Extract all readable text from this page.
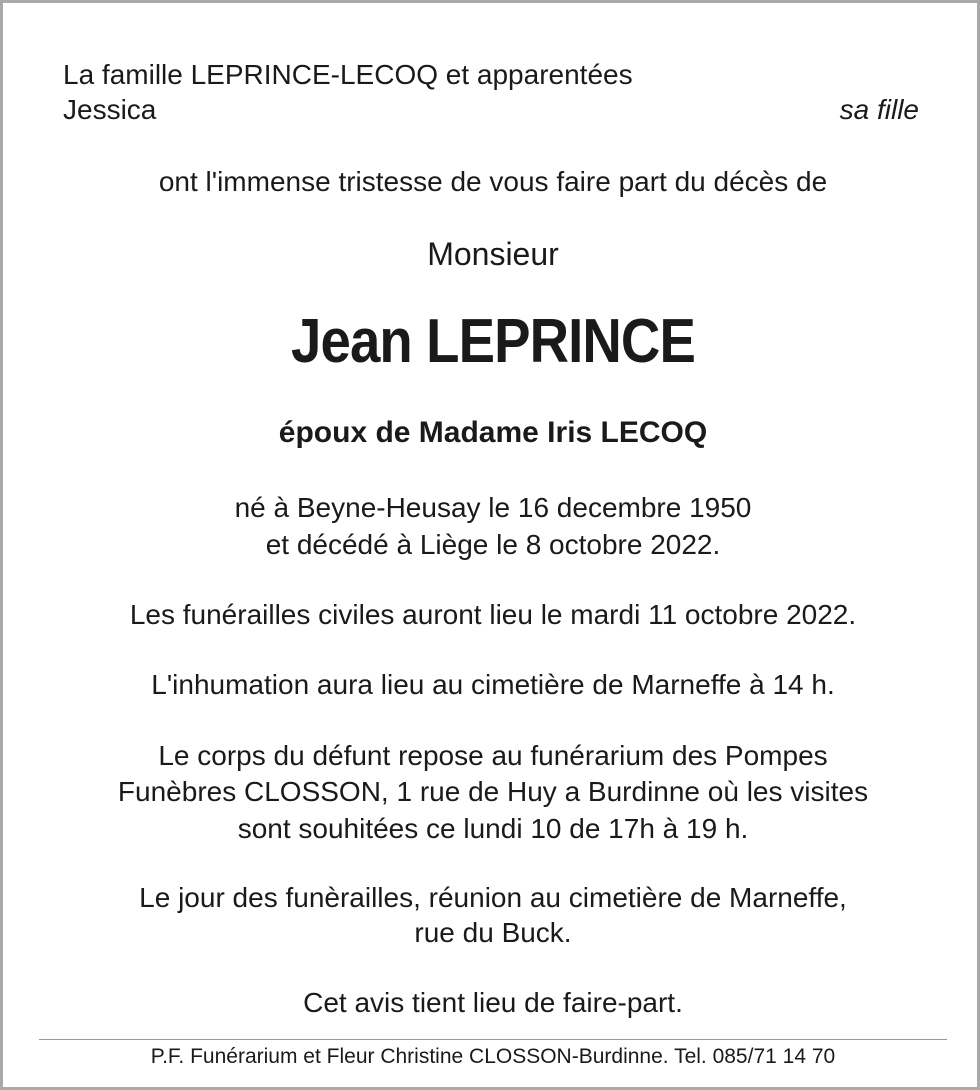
La famille LEPRINCE-LECOQ et apparentées
Jessica	sa fille
ont l'immense tristesse de vous faire part du décès de
Monsieur
Jean LEPRINCE
époux de Madame Iris LECOQ
né à Beyne-Heusay le 16 decembre 1950
et décédé à Liège le 8 octobre 2022.
Les funérailles civiles auront lieu le mardi 11 octobre 2022.
L'inhumation aura lieu au cimetière de Marneffe à 14 h.
Le corps du défunt repose au funérarium des Pompes
Funèbres CLOSSON, 1 rue de Huy a Burdinne où les visites
sont souhitées ce lundi 10 de 17h à 19 h.
Le jour des funèrailles, réunion au cimetière de Marneffe,
rue du Buck.
Cet avis tient lieu de faire-part.
P.F. Funérarium et Fleur Christine CLOSSON-Burdinne. Tel. 085/71 14 70
